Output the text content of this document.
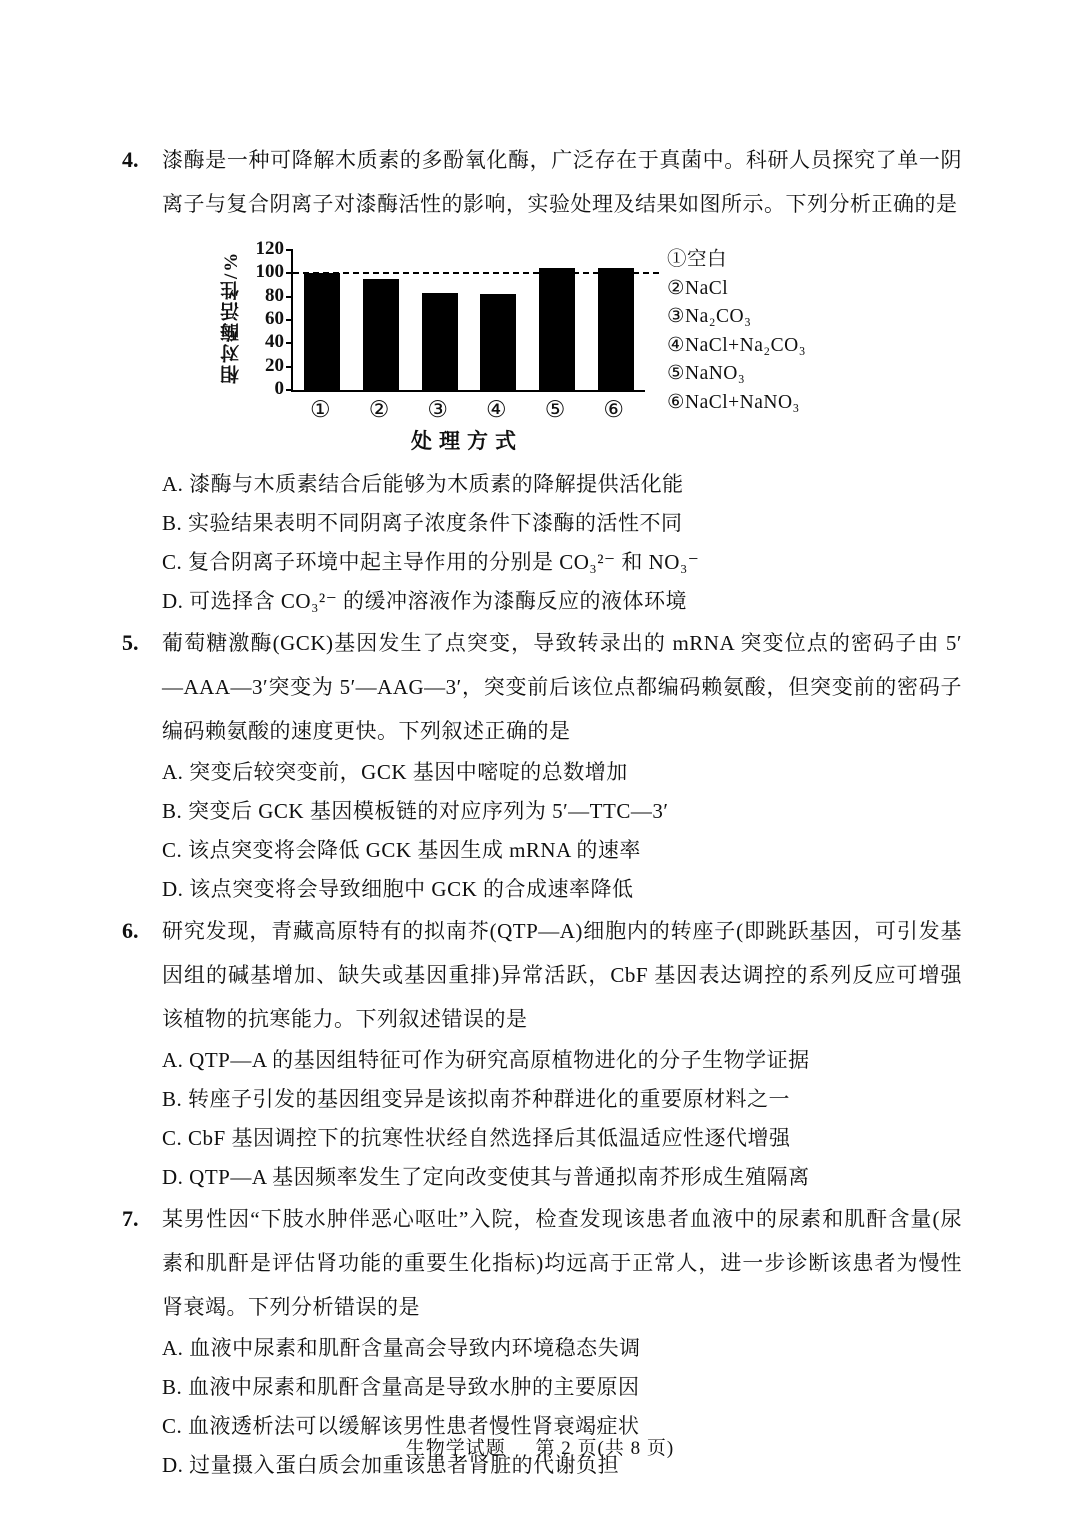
4.	漆酶是一种可降解木质素的多酚氧化酶，广泛存在于真菌中。科研人员探究了单一阴离子与复合阴离子对漆酶活性的影响，实验处理及结果如图所示。下列分析正确的是
相对酶活性/%
0
20
40
60
80
100
120
①	②	③	④	⑤	⑥
处理方式
①空白
②NaCl
③Na₂CO₃
④NaCl+Na₂CO₃
⑤NaNO₃
⑥NaCl+NaNO₃
A. 漆酶与木质素结合后能够为木质素的降解提供活化能
B. 实验结果表明不同阴离子浓度条件下漆酶的活性不同
C. 复合阴离子环境中起主导作用的分别是 CO₃²⁻ 和 NO₃⁻
D. 可选择含 CO₃²⁻ 的缓冲溶液作为漆酶反应的液体环境
5.	葡萄糖激酶(GCK)基因发生了点突变，导致转录出的 mRNA 突变位点的密码子由 5′—AAA—3′突变为 5′—AAG—3′，突变前后该位点都编码赖氨酸，但突变前的密码子编码赖氨酸的速度更快。下列叙述正确的是
A. 突变后较突变前，GCK 基因中嘧啶的总数增加
B. 突变后 GCK 基因模板链的对应序列为 5′—TTC—3′
C. 该点突变将会降低 GCK 基因生成 mRNA 的速率
D. 该点突变将会导致细胞中 GCK 的合成速率降低
6.	研究发现，青藏高原特有的拟南芥(QTP—A)细胞内的转座子(即跳跃基因，可引发基因组的碱基增加、缺失或基因重排)异常活跃，CbF 基因表达调控的系列反应可增强该植物的抗寒能力。下列叙述错误的是
A. QTP—A 的基因组特征可作为研究高原植物进化的分子生物学证据
B. 转座子引发的基因组变异是该拟南芥种群进化的重要原材料之一
C. CbF 基因调控下的抗寒性状经自然选择后其低温适应性逐代增强
D. QTP—A 基因频率发生了定向改变使其与普通拟南芥形成生殖隔离
7.	某男性因“下肢水肿伴恶心呕吐”入院，检查发现该患者血液中的尿素和肌酐含量(尿素和肌酐是评估肾功能的重要生化指标)均远高于正常人，进一步诊断该患者为慢性肾衰竭。下列分析错误的是
A. 血液中尿素和肌酐含量高会导致内环境稳态失调
B. 血液中尿素和肌酐含量高是导致水肿的主要原因
C. 血液透析法可以缓解该男性患者慢性肾衰竭症状
D. 过量摄入蛋白质会加重该患者肾脏的代谢负担
生物学试题 第 2 页(共 8 页)
